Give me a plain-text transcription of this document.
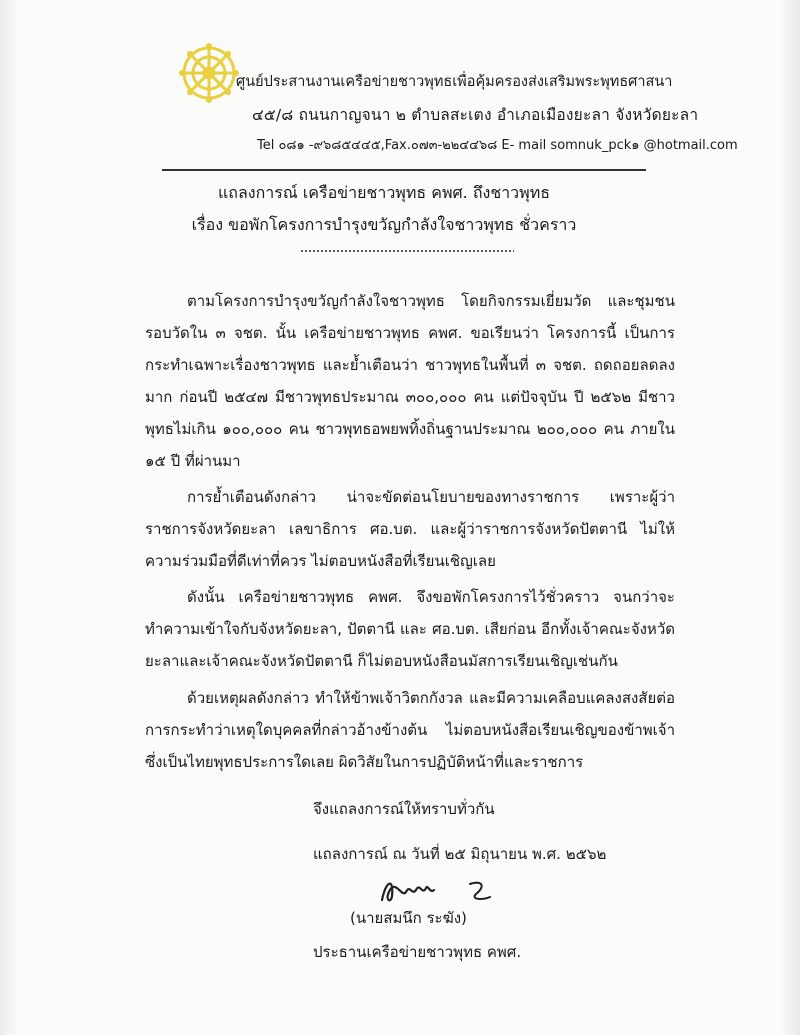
ศูนย์ประสานงานเครือข่ายชาวพุทธเพื่อคุ้มครองส่งเสริมพระพุทธศาสนา
๔๕/๘ ถนนกาญจนา ๒ ตำบลสะเตง อำเภอเมืองยะลา จังหวัดยะลา
Tel ๐๘๑ -๙๖๘๕๔๔๕,Fax.๐๗๓-๒๒๔๔๖๘ E- mail somnuk_pck๑ @hotmail.com
แถลงการณ์ เครือข่ายชาวพุทธ คพศ. ถึงชาวพุทธ
เรื่อง ขอพักโครงการบำรุงขวัญกำลังใจชาวพุทธ ชั่วคราว
ตามโครงการบำรุงขวัญกำลังใจชาวพุทธ โดยกิจกรรมเยี่ยมวัด และชุมชนรอบวัดใน ๓ จชต. นั้น เครือข่ายชาวพุทธ คพศ. ขอเรียนว่า โครงการนี้ เป็นการกระทำเฉพาะเรื่องชาวพุทธ และย้ำเตือนว่า ชาวพุทธในพื้นที่ ๓ จชต. ถดถอยลดลงมาก ก่อนปี ๒๕๔๗ มีชาวพุทธประมาณ ๓๐๐,๐๐๐ คน แต่ปัจจุบัน ปี ๒๕๖๒ มีชาวพุทธไม่เกิน ๑๐๐,๐๐๐ คน ชาวพุทธอพยพทิ้งถิ่นฐานประมาณ ๒๐๐,๐๐๐ คน ภายใน ๑๕ ปี ที่ผ่านมา
การย้ำเตือนดังกล่าว น่าจะขัดต่อนโยบายของทางราชการ เพราะผู้ว่าราชการจังหวัดยะลา เลขาธิการ ศอ.บต. และผู้ว่าราชการจังหวัดปัตตานี ไม่ให้ความร่วมมือที่ดีเท่าที่ควร ไม่ตอบหนังสือที่เรียนเชิญเลย
ดังนั้น เครือข่ายชาวพุทธ คพศ. จึงขอพักโครงการไว้ชั่วคราว จนกว่าจะทำความเข้าใจกับจังหวัดยะลา, ปัตตานี และ ศอ.บต. เสียก่อน อีกทั้งเจ้าคณะจังหวัดยะลาและเจ้าคณะจังหวัดปัตตานี ก็ไม่ตอบหนังสือนมัสการเรียนเชิญเช่นกัน
ด้วยเหตุผลดังกล่าว ทำให้ข้าพเจ้าวิตกกังวล และมีความเคลือบแคลงสงสัยต่อการกระทำว่าเหตุใดบุคคลที่กล่าวอ้างข้างต้น ไม่ตอบหนังสือเรียนเชิญของข้าพเจ้าซึ่งเป็นไทยพุทธประการใดเลย ผิดวิสัยในการปฏิบัติหน้าที่และราชการ
จึงแถลงการณ์ให้ทราบทั่วกัน
แถลงการณ์ ณ วันที่ ๒๕ มิถุนายน พ.ศ. ๒๕๖๒
(นายสมนึก ระฆัง)
ประธานเครือข่ายชาวพุทธ คพศ.
